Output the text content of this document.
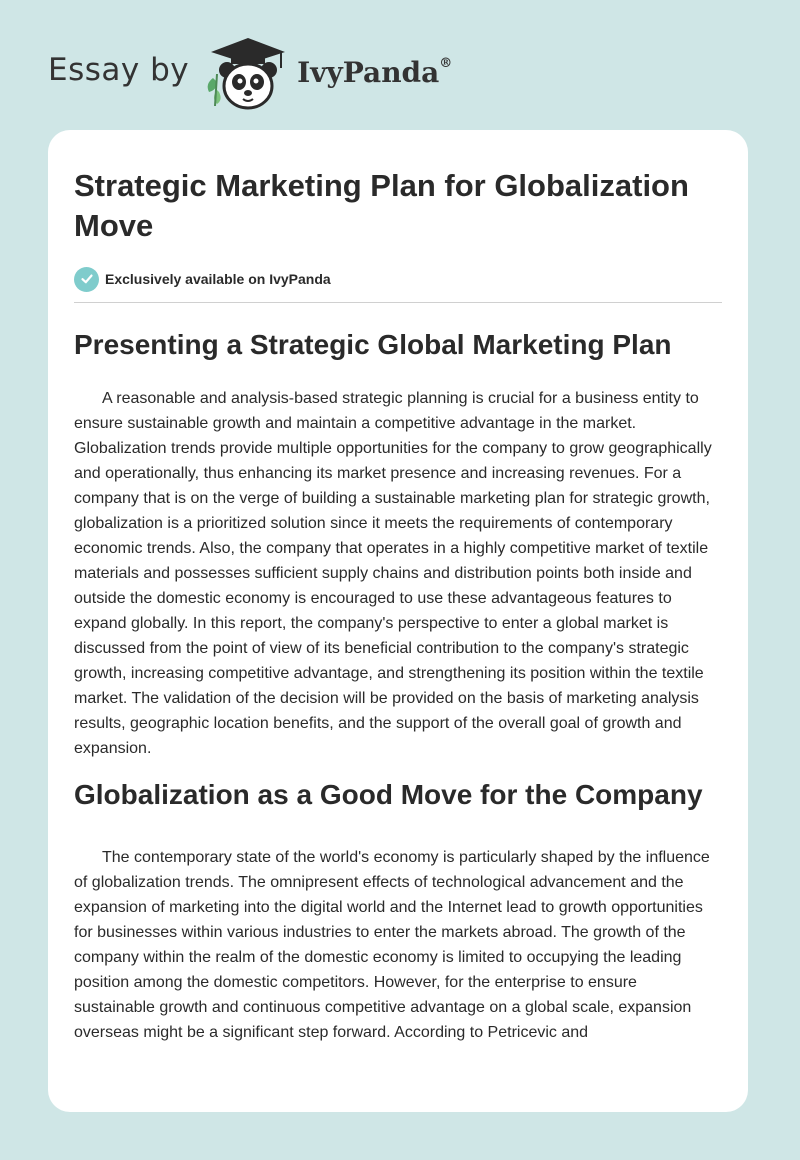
Essay by	IvyPanda®
Strategic Marketing Plan for Globalization Move
Exclusively available on IvyPanda
Presenting a Strategic Global Marketing Plan

A reasonable and analysis-based strategic planning is crucial for a business entity to ensure sustainable growth and maintain a competitive advantage in the market. Globalization trends provide multiple opportunities for the company to grow geographically and operationally, thus enhancing its market presence and increasing revenues. For a company that is on the verge of building a sustainable marketing plan for strategic growth, globalization is a prioritized solution since it meets the requirements of contemporary economic trends. Also, the company that operates in a highly competitive market of textile materials and possesses sufficient supply chains and distribution points both inside and outside the domestic economy is encouraged to use these advantageous features to expand globally. In this report, the company's perspective to enter a global market is discussed from the point of view of its beneficial contribution to the company's strategic growth, increasing competitive advantage, and strengthening its position within the textile market. The validation of the decision will be provided on the basis of marketing analysis results, geographic location benefits, and the support of the overall goal of growth and expansion.

Globalization as a Good Move for the Company

The contemporary state of the world's economy is particularly shaped by the influence of globalization trends. The omnipresent effects of technological advancement and the expansion of marketing into the digital world and the Internet lead to growth opportunities for businesses within various industries to enter the markets abroad. The growth of the company within the realm of the domestic economy is limited to occupying the leading position among the domestic competitors. However, for the enterprise to ensure sustainable growth and continuous competitive advantage on a global scale, expansion overseas might be a significant step forward. According to Petricevic and
